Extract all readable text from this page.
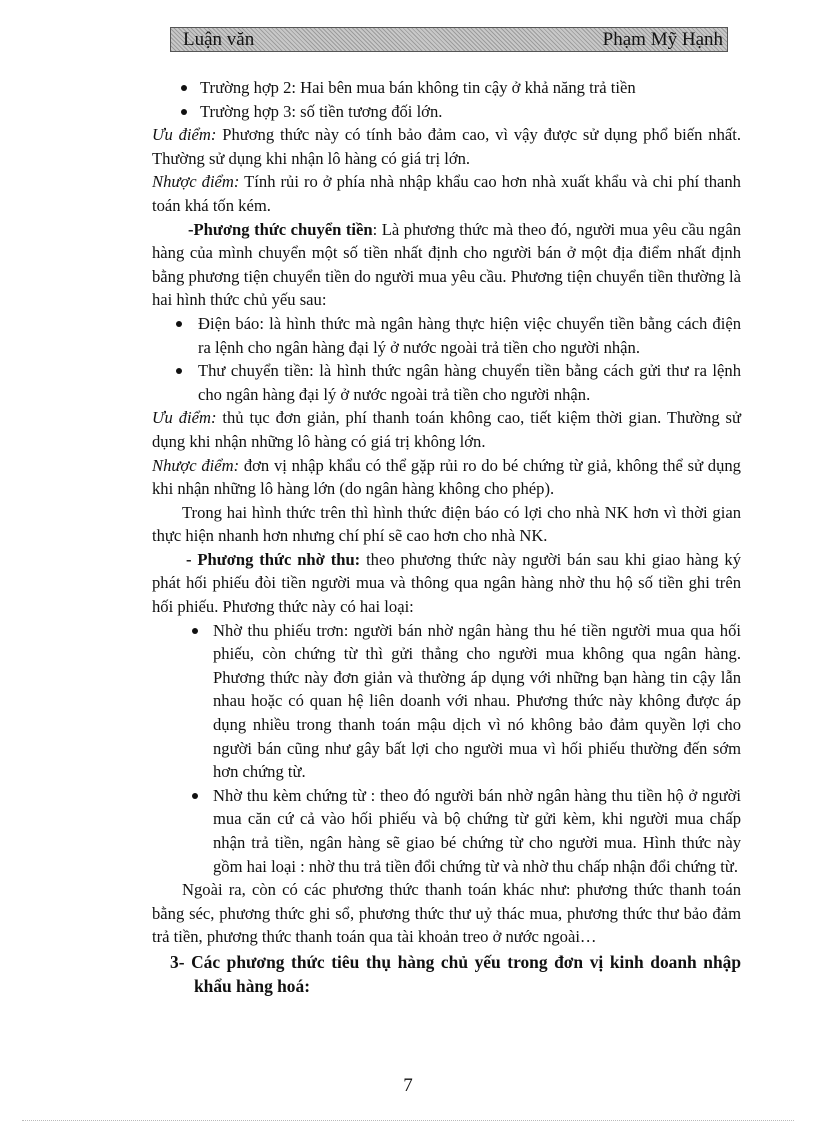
Luận văn	Phạm Mỹ Hạnh
Trường hợp 2: Hai bên mua bán không tin cậy ở khả năng trả tiền
Trường hợp 3: số tiền tương đối lớn.

Ưu điểm: Phương thức này có tính bảo đảm cao, vì vậy được sử dụng phổ biến nhất. Thường sử dụng khi nhận lô hàng có giá trị lớn.

Nhược điểm: Tính rủi ro ở phía nhà nhập khẩu cao hơn nhà xuất khẩu và chi phí thanh toán khá tốn kém.

-Phương thức chuyển tiền: Là phương thức mà theo đó, người mua yêu cầu ngân hàng của mình chuyển một số tiền nhất định cho người bán ở một địa điểm nhất định bằng phương tiện chuyển tiền do người mua yêu cầu. Phương tiện chuyển tiền thường là hai hình thức chủ yếu sau:

Điện báo: là hình thức mà ngân hàng thực hiện việc chuyển tiền bằng cách điện ra lệnh cho ngân hàng đại lý ở nước ngoài trả tiền cho người nhận.
Thư chuyển tiền: là hình thức ngân hàng chuyển tiền bằng cách gửi thư ra lệnh cho ngân hàng đại lý ở nước ngoài trả tiền cho người nhận.

Ưu điểm: thủ tục đơn giản, phí thanh toán không cao, tiết kiệm thời gian. Thường sử dụng khi nhận những lô hàng có giá trị không lớn.

Nhược điểm: đơn vị nhập khẩu có thể gặp rủi ro do bé chứng từ giả, không thể sử dụng khi nhận những lô hàng lớn (do ngân hàng không cho phép).

Trong hai hình thức trên thì hình thức điện báo có lợi cho nhà NK hơn vì thời gian thực hiện nhanh hơn nhưng chí phí sẽ cao hơn cho nhà NK.

- Phương thức nhờ thu: theo phương thức này người bán sau khi giao hàng ký phát hối phiếu đòi tiền người mua và thông qua ngân hàng nhờ thu hộ số tiền ghi trên hối phiếu. Phương thức này có hai loại:

Nhờ thu phiếu trơn: người bán nhờ ngân hàng thu hé tiền người mua qua hối phiếu, còn chứng từ thì gửi thẳng cho người mua không qua ngân hàng. Phương thức này đơn giản và thường áp dụng với những bạn hàng tin cậy lẫn nhau hoặc có quan hệ liên doanh với nhau. Phương thức này không được áp dụng nhiều trong thanh toán mậu dịch vì nó không bảo đảm quyền lợi cho người bán cũng như gây bất lợi cho người mua vì hối phiếu thường đến sớm hơn chứng từ.
Nhờ thu kèm chứng từ : theo đó người bán nhờ ngân hàng thu tiền hộ ở người mua căn cứ cả vào hối phiếu và bộ chứng từ gửi kèm, khi người mua chấp nhận trả tiền, ngân hàng sẽ giao bé chứng từ cho người mua. Hình thức này gồm hai loại : nhờ thu trả tiền đổi chứng từ và nhờ thu chấp nhận đổi chứng từ.

Ngoài ra, còn có các phương thức thanh toán khác như: phương thức thanh toán bằng séc, phương thức ghi sổ, phương thức thư uỷ thác mua, phương thức thư bảo đảm trả tiền, phương thức thanh toán qua tài khoản treo ở nước ngoài…

3- Các phương thức tiêu thụ hàng chủ yếu trong đơn vị kinh doanh nhập khẩu hàng hoá:

7
